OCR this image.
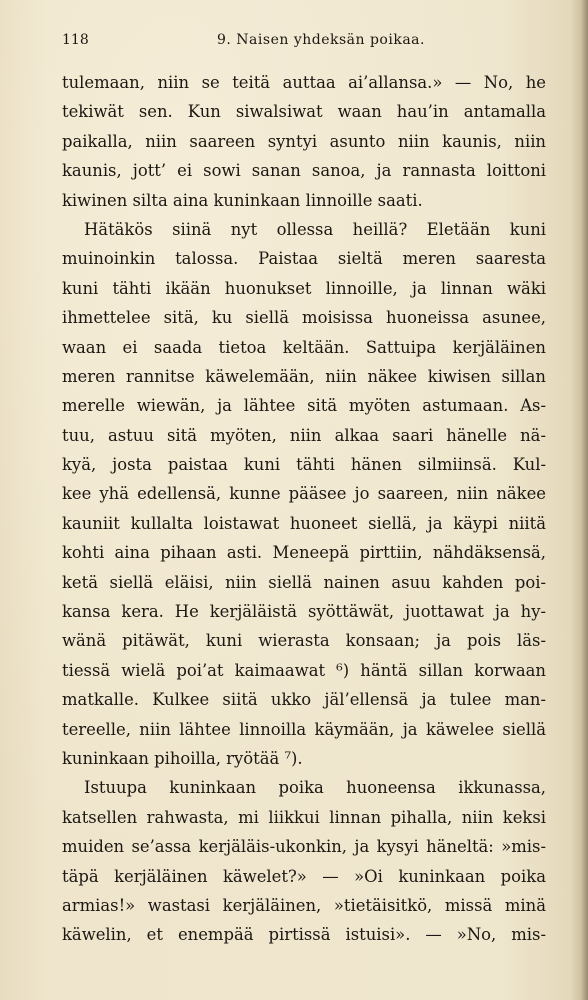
118	9. Naisen yhdeksän poikaa.
tulemaan, niin se teitä auttaa ai’allansa.» — No, he
tekiwät sen. Kun siwalsiwat waan hau’in antamalla
paikalla, niin saareen syntyi asunto niin kaunis, niin
kaunis, jott’ ei sowi sanan sanoa, ja rannasta loittoni
kiwinen silta aina kuninkaan linnoille saati.
Hätäkös siinä nyt ollessa heillä? Eletään kuni
muinoinkin talossa. Paistaa sieltä meren saaresta
kuni tähti ikään huonukset linnoille, ja linnan wäki
ihmettelee sitä, ku siellä moisissa huoneissa asunee,
waan ei saada tietoa keltään. Sattuipa kerjäläinen
meren rannitse käwelemään, niin näkee kiwisen sillan
merelle wiewän, ja lähtee sitä myöten astumaan. As-
tuu, astuu sitä myöten, niin alkaa saari hänelle nä-
kyä, josta paistaa kuni tähti hänen silmiinsä. Kul-
kee yhä edellensä, kunne pääsee jo saareen, niin näkee
kauniit kullalta loistawat huoneet siellä, ja käypi niitä
kohti aina pihaan asti. Meneepä pirttiin, nähdäksensä,
ketä siellä eläisi, niin siellä nainen asuu kahden poi-
kansa kera. He kerjäläistä syöttäwät, juottawat ja hy-
wänä pitäwät, kuni wierasta konsaan; ja pois läs-
tiessä wielä poi’at kaimaawat ⁶) häntä sillan korwaan
matkalle. Kulkee siitä ukko jäl’ellensä ja tulee man-
tereelle, niin lähtee linnoilla käymään, ja käwelee siellä
kuninkaan pihoilla, ryötää ⁷).
Istuupa kuninkaan poika huoneensa ikkunassa,
katsellen rahwasta, mi liikkui linnan pihalla, niin keksi
muiden se’assa kerjäläis-ukonkin, ja kysyi häneltä: »mis-
täpä kerjäläinen käwelet?» — »Oi kuninkaan poika
armias!» wastasi kerjäläinen, »tietäisitkö, missä minä
käwelin, et enempää pirtissä istuisi». — »No, mis-
